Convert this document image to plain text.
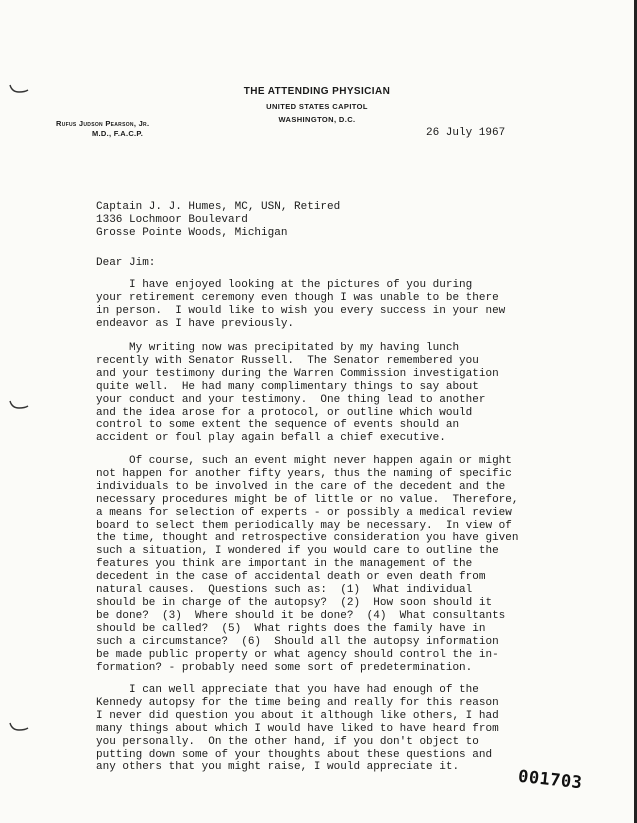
THE ATTENDING PHYSICIAN
UNITED STATES CAPITOL
WASHINGTON, D.C.
Rufus Judson Pearson, Jr.
M.D., F.A.C.P.	26 July 1967
Captain J. J. Humes, MC, USN, Retired
1336 Lochmoor Boulevard
Grosse Pointe Woods, Michigan
Dear Jim:
I have enjoyed looking at the pictures of you during
your retirement ceremony even though I was unable to be there
in person.  I would like to wish you every success in your new
endeavor as I have previously.
My writing now was precipitated by my having lunch
recently with Senator Russell.  The Senator remembered you
and your testimony during the Warren Commission investigation
quite well.  He had many complimentary things to say about
your conduct and your testimony.  One thing lead to another
and the idea arose for a protocol, or outline which would
control to some extent the sequence of events should an
accident or foul play again befall a chief executive.
Of course, such an event might never happen again or might
not happen for another fifty years, thus the naming of specific
individuals to be involved in the care of the decedent and the
necessary procedures might be of little or no value.  Therefore,
a means for selection of experts - or possibly a medical review
board to select them periodically may be necessary.  In view of
the time, thought and retrospective consideration you have given
such a situation, I wondered if you would care to outline the
features you think are important in the management of the
decedent in the case of accidental death or even death from
natural causes.  Questions such as:  (1)  What individual
should be in charge of the autopsy?  (2)  How soon should it
be done?  (3)  Where should it be done?  (4)  What consultants
should be called?  (5)  What rights does the family have in
such a circumstance?  (6)  Should all the autopsy information
be made public property or what agency should control the in-
formation? - probably need some sort of predetermination.
I can well appreciate that you have had enough of the
Kennedy autopsy for the time being and really for this reason
I never did question you about it although like others, I had
many things about which I would have liked to have heard from
you personally.  On the other hand, if you don't object to
putting down some of your thoughts about these questions and
any others that you might raise, I would appreciate it.	001703
